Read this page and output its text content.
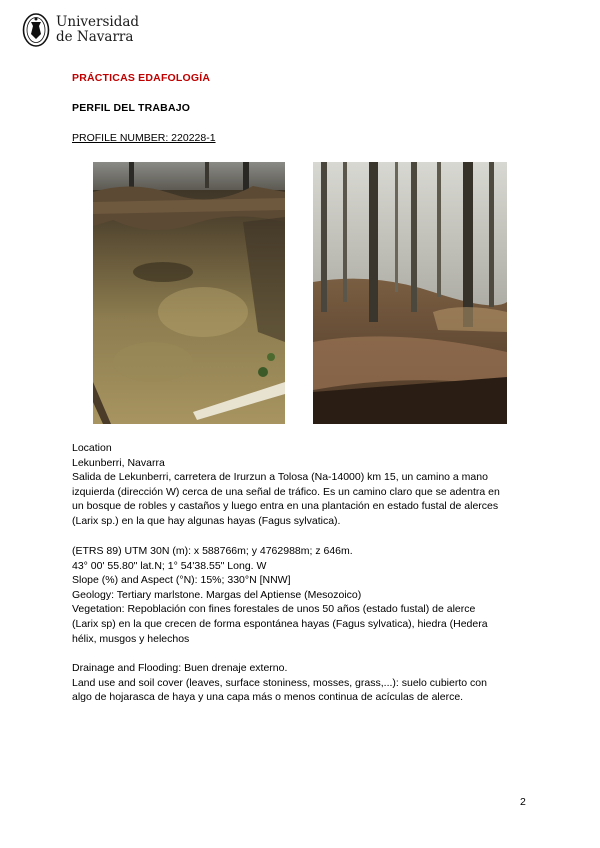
Universidad
de Navarra
PRÁCTICAS EDAFOLOGÍA
PERFIL DEL TRABAJO
PROFILE NUMBER: 220228-1

Location

Lekunberri, Navarra

Salida de Lekunberri, carretera de Irurzun a Tolosa (Na-14000) km 15, un camino a mano

izquierda (dirección W) cerca de una señal de tráfico. Es un camino claro que se adentra en

un bosque de robles y castaños y luego entra en una plantación en estado fustal de alerces

(Larix sp.) en la que hay algunas hayas (Fagus sylvatica).

(ETRS 89) UTM 30N (m): x 588766m; y 4762988m; z 646m.

43° 00' 55.80" lat.N; 1° 54'38.55" Long. W

Slope (%) and Aspect (°N): 15%; 330°N [NNW]

Geology: Tertiary marlstone. Margas del Aptiense (Mesozoico)

Vegetation: Repoblación con fines forestales de unos 50 años (estado fustal) de alerce

(Larix sp) en la que crecen de forma espontánea hayas (Fagus sylvatica), hiedra (Hedera

hélix, musgos y helechos

Drainage and Flooding: Buen drenaje externo.

Land use and soil cover (leaves, surface stoniness, mosses, grass,...): suelo cubierto con

algo de hojarasca de haya y una capa más o menos continua de acículas de alerce.

2
